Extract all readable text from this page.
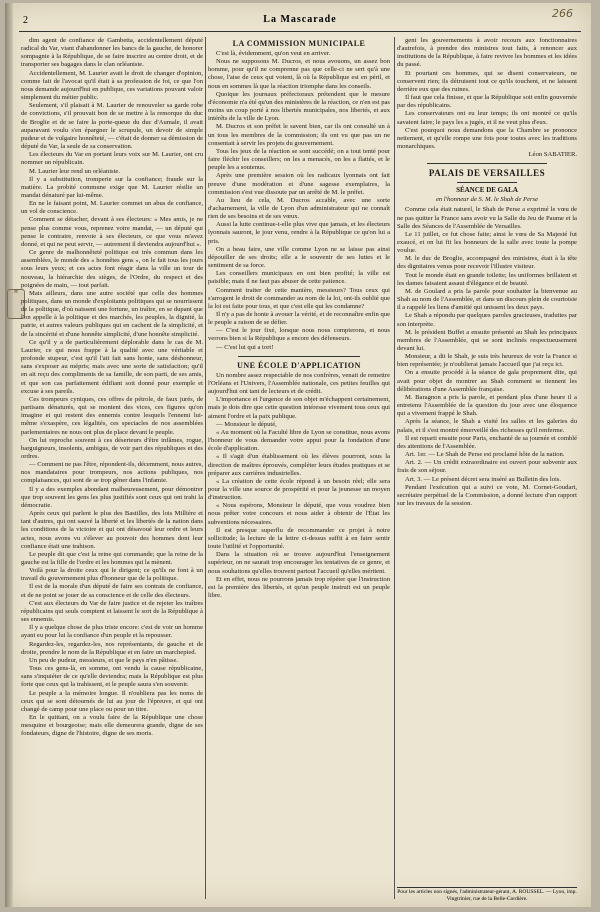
⌘
2	La Mascarade	266

dim agent de confiance de Gambetta, accidentellement député radical du Var, viant d'abandonner les bancs de la gauche, de honorer sompagnie à la République, de se faire inscrire au centre droit, et de transporter ses bagages dans le clan orléaniste.

Accidentellement, M. Laurier avait le droit de changer d'opinion, comme fait de l'avocat qu'il était à sa profession de foi, ce que l'on nous demande aujourd'hui en publique, ces variations pouvant valoir simplement du métier public.

Seulement, s'il plaisait à M. Laurier de renouveler sa garde robe de convictions, s'il prouvait bon de se mettre à la remorque du duc de Broglie et de se faire la porte-queue du duc d'Aumale, il avait auparavant voulu s'en épargner le scrupule, un devoir de simple pudeur et de vulgaire honnêteté, — c'était de donner sa démission de député du Var, la seule de sa conservation.

Les électeurs du Var en portant leurs voix sur M. Laurier, ont cru nommer un républicain.

M. Laurier leur rend un orléaniste.

Il y a substitution, tromperie sur la confiance; fraude sur la matière. La probité commune exige que M. Laurier résilie un mandat dénaturé par lui-même.

En ne le faisant point, M. Laurier commet un abus de confiance, un vol de conscience.

Comment se détacher, devant à ses électeurs: « Mes amis, je ne pense plus comme vous, reprenez votre mandat, — un député qui pense le contraire, renvoie à ses électeurs, ce que vous m'avez donné, et qui ne peut servir, — autrement il deviendra aujourd'hui ».

Ce genre de malhonnêteté politique est très commun dans les assemblées, le monde des « honnêtes gens », on le fait tous les jours sous leurs yeux; et ces actes font réagir dans la ville un tour de nouveau, la hiérarchie des sièges, de l'Ordre, du respect et des poignées de main, — tout parfait.

Mais ailleurs, dans une autre société que celle des hommes politiques, dans un monde d'exploitants politiques qui se nourrissent de la politique, d'où naissent une fortune, un traître, en se dupant que l'on appelle à la politique et des marchés, les peuples, la dignité, la patrie, et autres valeurs publiques qui en cachent de la simplicité, et de la sincérité et d'une honnête simplicité, d'une honnête simplicité.

Ce qu'il y a de particulièrement déplorable dans le cas de M. Laurier, ce qui nous frappe à la qualité avec une véritable et profonde stupeur, c'est qu'il l'ait fait sans honte, sans déshonneur, sans s'exposer au mépris; mais avec une sorte de satisfaction; qu'il en ait reçu des compliments de sa famille, de son parti, de ses amis, et que son cas parfaitement édifiant soit donné pour exemple et excuse à ses pareils.

Ces trompeurs cyniques, ces offres de pétrole, de faux jurés, de partisans dénaturés, qui se montent des vices, ces figures qu'on imagine et qui restent des ennemis contre lesquels l'ennemi lui-même s'exaspère, ces légalités, ces spectacles de nos assemblées parlementaires ne nous ont plus de place devant le peuple.

On lui reproche souvent à ces déserteurs d'être infâmes, rogue, barguigneurs, insolents, ambigus, de voir part des républiques et des ordres.

— Comment ne pas l'être, répondent-ils, décemment, nous autres, nos mandataires pour trompeurs, nos actions publiques, nos complaisances, qui sont de se trop gêner dans l'infamie.

Il y a des exemples abondant malheureusement, pour démontrer que trop souvent les gens les plus justifiés sont ceux qui ont trahi la démocratie.

Après ceux qui parlent le plus des Bastilles, des lois Millière et tant d'autres, qui ont sauvé la liberté et les libertés de la nation dans les conditions de la victoire et qui ont désavoué leur ordre et leurs actes, nous avons vu s'élever au pouvoir des hommes dont leur confiance était une trahison.

Le peuple dit que c'est la reine qui commande; que la reine de la gauche est la fille de l'ordre et les hommes qui la mènent.

Voilà pour la droite ceux qui le dirigent; ce qu'ils ne font à un travail du gouvernement plus d'honneur que de la politique.

Il est de la morale d'un député de faire ses contrats de confiance, et de ne point se jouer de sa conscience et de celle des électeurs.

C'est aux électeurs du Var de faire justice et de rejeter les traîtres républicains qui seuls comptent et laissent le sort de la République à ses ennemis.

Il y a quelque chose de plus triste encore: c'est de voir un homme ayant eu pour lui la confiance d'un peuple et la repousser.

Regardez-les, regardez-les, nos représentants, de gauche et de droite, prendre le nom de la République et en faire un marchepied.

Un peu de pudeur, messieurs, et que le pays n'en pâtisse.

Tous ces gens-là, en somme, ont vendu la cause républicaine, sans s'inquiéter de ce qu'elle deviendra; mais la République est plus forte que ceux qui la trahissent, et le peuple saura s'en souvenir.

Le peuple a la mémoire longue. Il n'oubliera pas les noms de ceux qui se sont détournés de lui au jour de l'épreuve, et qui ont changé de camp pour une place ou pour un titre.

En le quittant, on a voulu faire de la République une chose mesquine et bourgeoise; mais elle demeurera grande, digne de ses fondateurs, digne de l'histoire, digne de ses morts.

LA COMMISSION MUNICIPALE

C'est là, évidemment, qu'on veut en arriver.

Nous ne supposons M. Ducros, et nous avouons, un assez bon homme, pour qu'il ne comprenne pas que celle-ci ne sert qu'à une chose, l'aise de ceux qui votent, là où la République est en péril, et nous en sommes là que la réaction triomphe dans les conseils.

Quoique les journaux préfectoraux prétendent que le mesure d'économie n'a été qu'un des ministères de la réaction, ce n'en est pas moins un coup porté à nos libertés municipales, nos libertés, et aux intérêts de la ville de Lyon.

M. Ducros et son préfet le savent bien, car ils ont consulté un à un tous les membres de la commission; ils ont vu que pas un ne consentait à servir les projets du gouvernement.

Tous les jeux de la réaction se sont succédé; on a tout tenté pour faire fléchir les conseillers; on les a menacés, on les a flattés, et le peuple les a soutenus.

Après une première session où les radicaux lyonnais ont fait preuve d'une modération et d'une sagesse exemplaires, la commission s'est vue dissoute par un arrêté de M. le préfet.

Au lieu de cela, M. Ducros accable, avec une sorte d'acharnement, la ville de Lyon d'un administrateur qui ne connaît rien de ses besoins et de ses vœux.

Aussi la lutte continue-t-elle plus vive que jamais, et les électeurs lyonnais sauront, le jour venu, rendre à la République ce qu'on lui a pris.

On a beau faire, une ville comme Lyon ne se laisse pas ainsi dépouiller de ses droits; elle a le souvenir de ses luttes et le sentiment de sa force.

Les conseillers municipaux en ont bien profité; la ville est paisible; mais il ne faut pas abuser de cette patience.

Comment traiter de cette manière, messieurs? Tous ceux qui s'arrogent le droit de commander au nom de la loi, ont-ils oublié que la loi est faite pour tous, et que c'est elle qui les condamne?

Il n'y a pas de honte à avouer la vérité, et de reconnaître enfin que le peuple a raison de se défier.

— C'est le jour fixé, lorsque nous nous compterons, et nous verrons bien si la République a encore des défenseurs.

— C'est lui qui a tort!

UNE ÉCOLE D'APPLICATION

Un nombre assez respectable de nos confrères, venait de remettre l'Orléans et l'Univers, l'Assemblée nationale, ces petites feuilles qui aujourd'hui ont tant de lecteurs et de crédit.

L'importance et l'urgence de son objet m'échappent certainement, mais je dois dire que cette question intéresse vivement tous ceux qui aiment l'ordre et la paix publique.

— Monsieur le député,

« Au moment où la Faculté libre de Lyon se constitue, nous avons l'honneur de vous demander votre appui pour la fondation d'une école d'application.

« Il s'agit d'un établissement où les élèves pourront, sous la direction de maîtres éprouvés, compléter leurs études pratiques et se préparer aux carrières industrielles.

« La création de cette école répond à un besoin réel; elle sera pour la ville une source de prospérité et pour la jeunesse un moyen d'instruction.

« Nous espérons, Monsieur le député, que vous voudrez bien nous prêter votre concours et nous aider à obtenir de l'État les subventions nécessaires.

Il est presque superflu de recommander ce projet à notre sollicitude; la lecture de la lettre ci-dessus suffit à en faire sentir toute l'utilité et l'opportunité.

Dans la situation où se trouve aujourd'hui l'enseignement supérieur, on ne saurait trop encourager les tentatives de ce genre, et nous souhaitons qu'elles trouvent partout l'accueil qu'elles méritent.

Et en effet, nous ne pourrons jamais trop répéter que l'instruction est la première des libertés, et qu'un peuple instruit est un peuple libre.

gent les gouvernements à avoir recours aux fonctionnaires d'autrefois, à prendre des ministres tout faits, à renoncer aux institutions de la République, à faire revivre les hommes et les idées du passé.

Et pourtant ces hommes, qui se disent conservateurs, ne conservent rien; ils détruisent tout ce qu'ils touchent, et ne laissent derrière eux que des ruines.

Il faut que cela finisse, et que la République soit enfin gouvernée par des républicains.

Les conservateurs ont eu leur temps; ils ont montré ce qu'ils savaient faire; le pays les a jugés, et il ne veut plus d'eux.

C'est pourquoi nous demandons que la Chambre se prononce nettement, et qu'elle rompe une fois pour toutes avec les traditions monarchiques.

Léon SABATIER.
PALAIS DE VERSAILLES
SÉANCE DE GALA
en l'honneur de S. M. le Shah de Perse

Comme cela était naturel, le Shah de Perse a exprimé le vœu de ne pas quitter la France sans avoir vu la Salle du Jeu de Paume et la Salle des Séances de l'Assemblée de Versailles.

Le 11 juillet, ce fut chose faite; ainsi le vœu de Sa Majesté fut exaucé, et on lui fit les honneurs de la salle avec toute la pompe voulue.

M. le duc de Broglie, accompagné des ministres, était à la tête des dignitaires venus pour recevoir l'illustre visiteur.

Tout le monde était en grande toilette; les uniformes brillaient et les dames faisaient assaut d'élégance et de beauté.

M. de Goulard a pris la parole pour souhaiter la bienvenue au Shah au nom de l'Assemblée, et dans un discours plein de courtoisie il a rappelé les liens d'amitié qui unissent les deux pays.

Le Shah a répondu par quelques paroles gracieuses, traduites par son interprète.

M. le président Buffet a ensuite présenté au Shah les principaux membres de l'Assemblée, qui se sont inclinés respectueusement devant lui.

Monsieur, a dit le Shah, je suis très heureux de voir la France si bien représentée; je n'oublierai jamais l'accueil que j'ai reçu ici.

On a ensuite procédé à la séance de gala proprement dite, qui avait pour objet de montrer au Shah comment se tiennent les délibérations d'une Assemblée française.

M. Baragnon a pris la parole, et pendant plus d'une heure il a entretenu l'Assemblée de la question du jour avec une éloquence qui a vivement frappé le Shah.

Après la séance, le Shah a visité les salles et les galeries du palais, et il s'est montré émerveillé des richesses qu'il renferme.

Il est reparti ensuite pour Paris, enchanté de sa journée et comblé des attentions de l'Assemblée.

Art. 1er. — Le Shah de Perse est proclamé hôte de la nation.

Art. 2. — Un crédit extraordinaire est ouvert pour subvenir aux frais de son séjour.

Art. 3. — Le présent décret sera inséré au Bulletin des lois.

Pendant l'exécution qui a suivi ce vote, M. Cornet-Goudart, secrétaire perpétuel de la Commission, a donné lecture d'un rapport sur les travaux de la session.

Pour les articles non signés, l'administrateur-gérant, A. ROUSSEL. — Lyon, imp. Vingtrinier, rue de la Belle-Cordière.
